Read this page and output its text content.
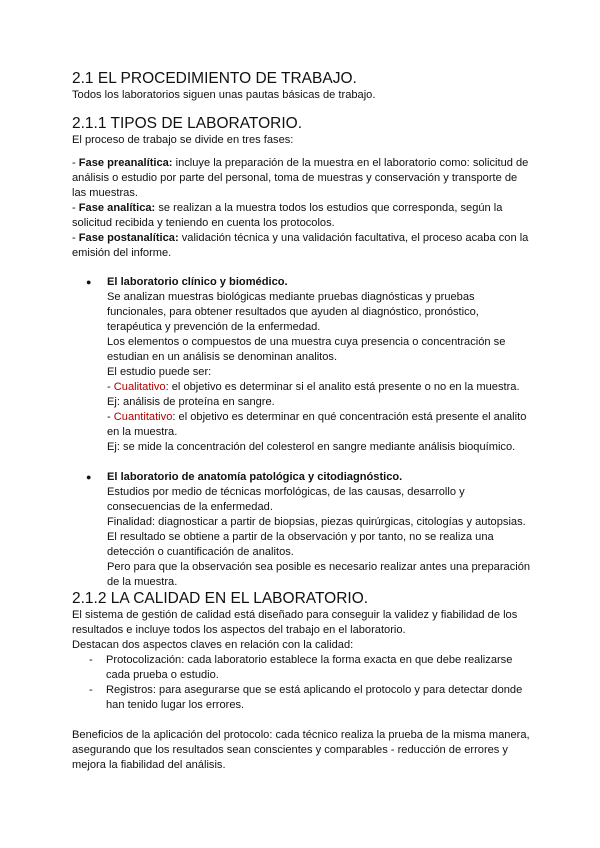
2.1 EL PROCEDIMIENTO DE TRABAJO.

Todos los laboratorios siguen unas pautas básicas de trabajo.

2.1.1 TIPOS DE LABORATORIO.

El proceso de trabajo se divide en tres fases:

- Fase preanalítica: incluye la preparación de la muestra en el laboratorio como: solicitud de análisis o estudio por parte del personal, toma de muestras y conservación y transporte de las muestras.

- Fase analítica: se realizan a la muestra todos los estudios que corresponda, según la solicitud recibida y teniendo en cuenta los protocolos.

- Fase postanalítica: validación técnica y una validación facultativa, el proceso acaba con la emisión del informe.

● El laboratorio clínico y biomédico.

Se analizan muestras biológicas mediante pruebas diagnósticas y pruebas funcionales, para obtener resultados que ayuden al diagnóstico, pronóstico, terapéutica y prevención de la enfermedad.

Los elementos o compuestos de una muestra cuya presencia o concentración se estudian en un análisis se denominan analitos.

El estudio puede ser:

- Cualitativo: el objetivo es determinar si el analito está presente o no en la muestra.

Ej: análisis de proteína en sangre.

- Cuantitativo: el objetivo es determinar en qué concentración está presente el analito en la muestra.

Ej: se mide la concentración del colesterol en sangre mediante análisis bioquímico.

● El laboratorio de anatomía patológica y citodiagnóstico.

Estudios por medio de técnicas morfológicas, de las causas, desarrollo y consecuencias de la enfermedad.

Finalidad: diagnosticar a partir de biopsias, piezas quirúrgicas, citologías y autopsias.

El resultado se obtiene a partir de la observación y por tanto, no se realiza una detección o cuantificación de analitos.

Pero para que la observación sea posible es necesario realizar antes una preparación de la muestra.

2.1.2 LA CALIDAD EN EL LABORATORIO.

El sistema de gestión de calidad está diseñado para conseguir la validez y fiabilidad de los resultados e incluye todos los aspectos del trabajo en el laboratorio.

Destacan dos aspectos claves en relación con la calidad:

- Protocolización: cada laboratorio establece la forma exacta en que debe realizarse cada prueba o estudio.
- Registros: para asegurarse que se está aplicando el protocolo y para detectar donde han tenido lugar los errores.

Beneficios de la aplicación del protocolo: cada técnico realiza la prueba de la misma manera, asegurando que los resultados sean conscientes y comparables - reducción de errores y mejora la fiabilidad del análisis.
